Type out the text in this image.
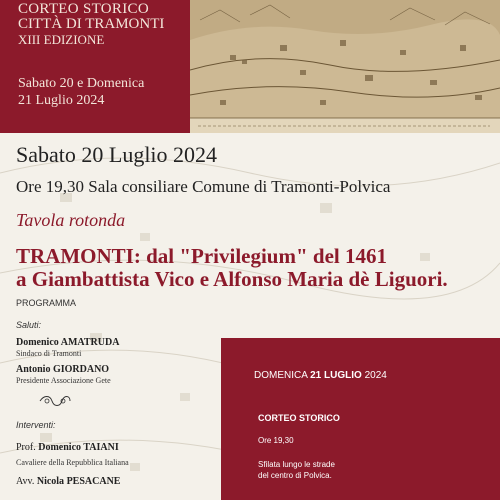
CORTEO STORICO
CITTÀ DI TRAMONTI
XIII EDIZIONE
Sabato 20 e Domenica
21 Luglio 2024
Sabato 20 Luglio 2024
Ore 19,30 Sala consiliare Comune di Tramonti-Polvica
Tavola rotonda
TRAMONTI: dal "Privilegium" del 1461
a Giambattista Vico e Alfonso Maria dè Liguori.
PROGRAMMA
Saluti:
Domenico AMATRUDA
Sindaco di Tramonti
Antonio GIORDANO
Presidente Associazione Gete
Interventi:
Prof. Domenico TAIANI
Cavaliere della Repubblica Italiana
Avv. Nicola PESACANE
DOMENICA 21 LUGLIO 2024
CORTEO STORICO
Ore 19,30
Sfilata lungo le strade
del centro di Polvica.
